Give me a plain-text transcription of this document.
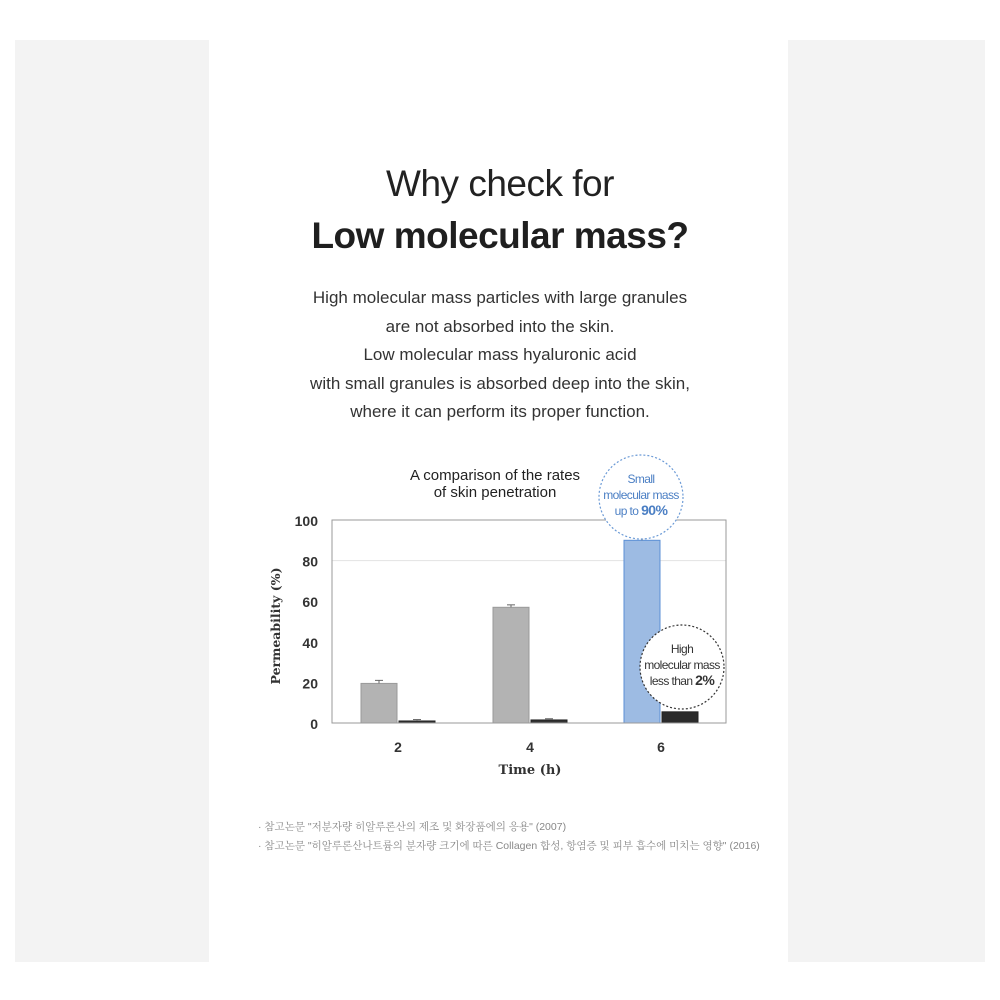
Why check for
Low molecular mass?
High molecular mass particles with large granules
are not absorbed into the skin.
Low molecular mass hyaluronic acid
with small granules is absorbed deep into the skin,
where it can perform its proper function.
A comparison of the rates
of skin penetration
0
20
40
60
80
100
2	4	6
Small
molecular mass
up to 90%
High
molecular mass
less than 2%
Time (h)
Permeability (%)
· 참고논문 "저분자량 히알루론산의 제조 및 화장품에의 응용" (2007)
· 참고논문 "히알루론산나트륨의 분자량 크기에 따른 Collagen 합성, 항염증 및 피부 흡수에 미치는 영향" (2016)
